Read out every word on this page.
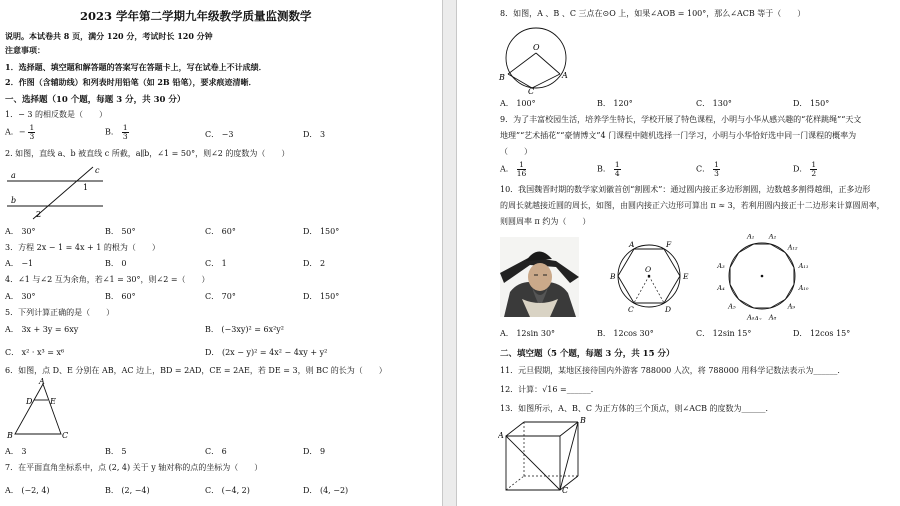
2023 学年第二学期九年级教学质量监测数学
说明。本试卷共 8 页，满分 120 分，考试时长 120 分钟
注意事项：
1．选择题、填空题和解答题的答案写在答题卡上，写在试卷上不计成绩．
2．作图（含辅助线）和列表时用铅笔（如 2B 铅笔），要求痕迹清晰．
一、选择题（10 个题，每题 3 分，共 30 分）
1．− 3 的相反数是（　　）
A．− $\frac{1}{3}$	B． $\frac{1}{3}$	C． −3	D． 3
2. 如图，直线 a、b 被直线 c 所截，a∥b，∠1 = 50°，则∠2 的度数为（　　）
a
b
1
2
c
A． 30°	B． 50°	C． 60°	D． 150°
3．方程 2x − 1 = 4x + 1 的根为（　　）
A． −1	B． 0	C． 1	D． 2
4．∠1 与∠2 互为余角，若∠1 = 30°，则∠2 =（　　）
A． 30°	B． 60°	C． 70°	D． 150°
5．下列计算正确的是（　　）
A． 3x + 3y = 6xy	B． (−3xy)² = 6x²y²
C． x² · x³ = x⁶	D． (2x − y)² = 4x² − 4xy + y²
6．如图，点 D、E 分别在 AB，AC 边上，BD = 2AD，CE = 2AE，若 DE = 3，则 BC 的长为（　　）
A
B	C
D E
A． 3	B． 5	C． 6	D． 9
7．在平面直角坐标系中，点 (2, 4) 关于 y 轴对称的点的坐标为（　　）
A． (−2, 4)	B． (2, −4)	C． (−4, 2)	D． (4, −2)
8．如图，A 、B 、C 三点在⊙O 上，如果∠AOB = 100°，那么∠ACB 等于（　　）
O
A
B
C
A． 100°	B． 120°	C． 130°	D． 150°
9．为了丰富校园生活，培养学生特长，学校开展了特色课程，小明与小华从感兴趣的“花样跳绳”“天文
地理”“艺术插花”“豪情博文”4 门课程中随机选择一门学习，小明与小华恰好选中同一门课程的概率为
（　　）
A． $\frac{1}{16}$	B． $\frac{1}{4}$	C． $\frac{1}{3}$	D． $\frac{1}{2}$
10．我国魏晋时期的数学家刘徽首创“割圆术”：通过圆内接正多边形割圆，边数越多割得越细，正多边形
的周长就越接近圆的周长，如图，由圆内接正六边形可算出 π ≈ 3，若利用圆内接正十二边形来计算圆周率，
则圆周率 π 约为（　　）
A	F
B	E
C	D
O
A₁ A₂
A₁₂
A₃	A₁₁
A₄	A₁₀
A₅	A₉
A₆ A₈
A₇
A． 12sin 30°	B． 12cos 30°	C． 12sin 15°	D． 12cos 15°
二、填空题（5 个题，每题 3 分，共 15 分）
11．元旦假期，某地区接待国内外游客 788000 人次，将 788000 用科学记数法表示为______．
12．计算：√16 =______．
13．如图所示，A、B、C 为正方体的三个顶点，则∠ACB 的度数为______．
A
B
C
